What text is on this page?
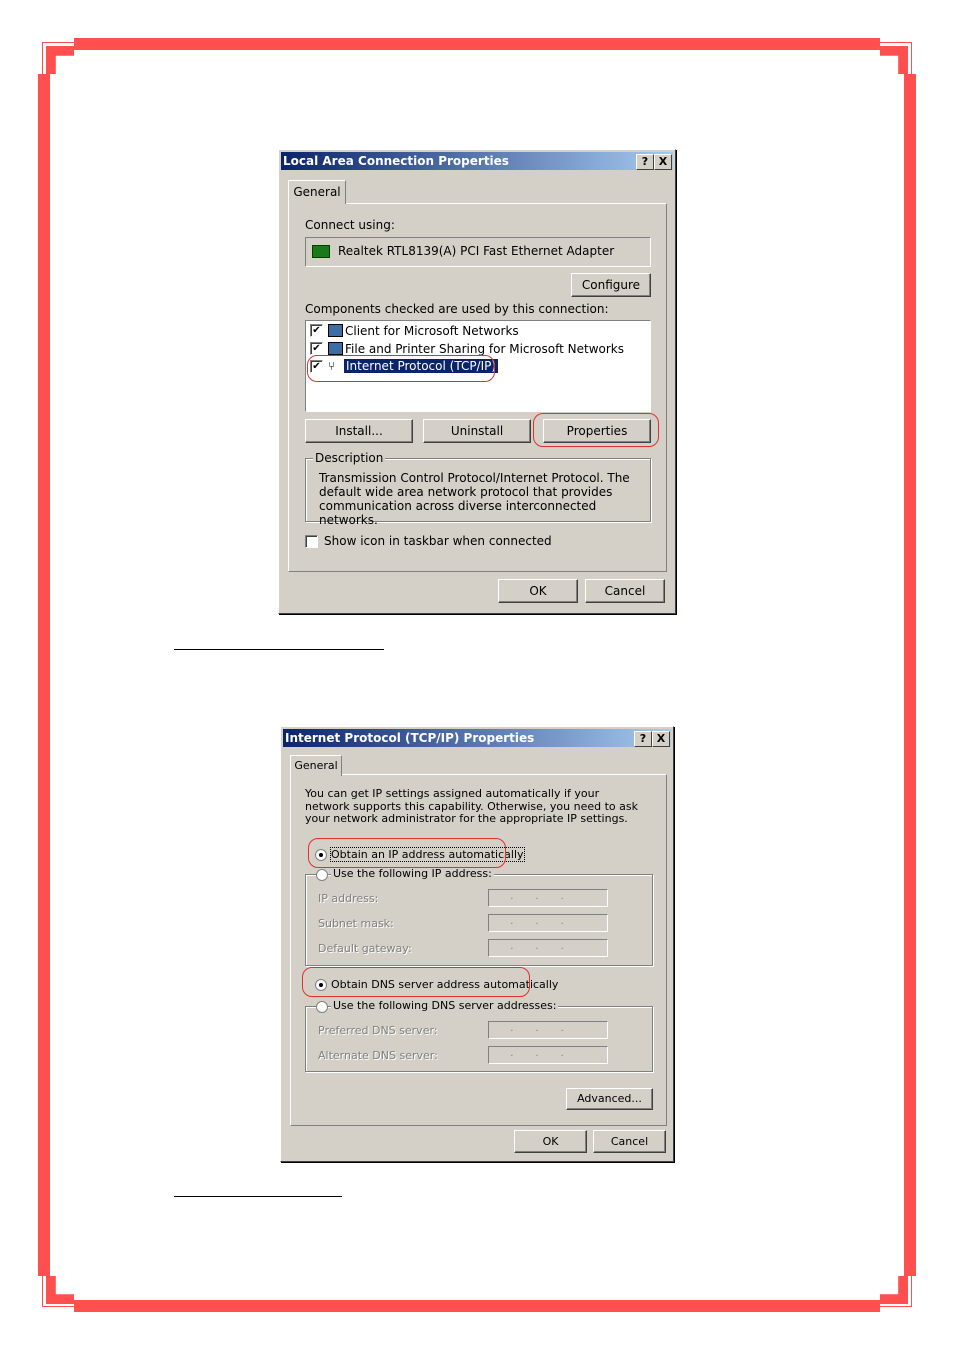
Local Area Connection Properties	? X
General
Connect using:
Realtek RTL8139(A) PCI Fast Ethernet Adapter
Configure
Components checked are used by this connection:
✔ Client for Microsoft Networks
✔ File and Printer Sharing for Microsoft Networks
✔ ⑂ Internet Protocol (TCP/IP)
Install...	Uninstall	Properties
Description
Transmission Control Protocol/Internet Protocol. The default wide area network protocol that provides communication across diverse interconnected networks.
Show icon in taskbar when connected
OK	Cancel
Internet Protocol (TCP/IP) Properties	? X
General
You can get IP settings assigned automatically if your network supports this capability. Otherwise, you need to ask your network administrator for the appropriate IP settings.
Obtain an IP address automatically
Use the following IP address:
IP address:	...
Subnet mask:	...
Default gateway:	...
Obtain DNS server address automatically
Use the following DNS server addresses:
Preferred DNS server:	...
Alternate DNS server:	...
Advanced...
OK	Cancel
